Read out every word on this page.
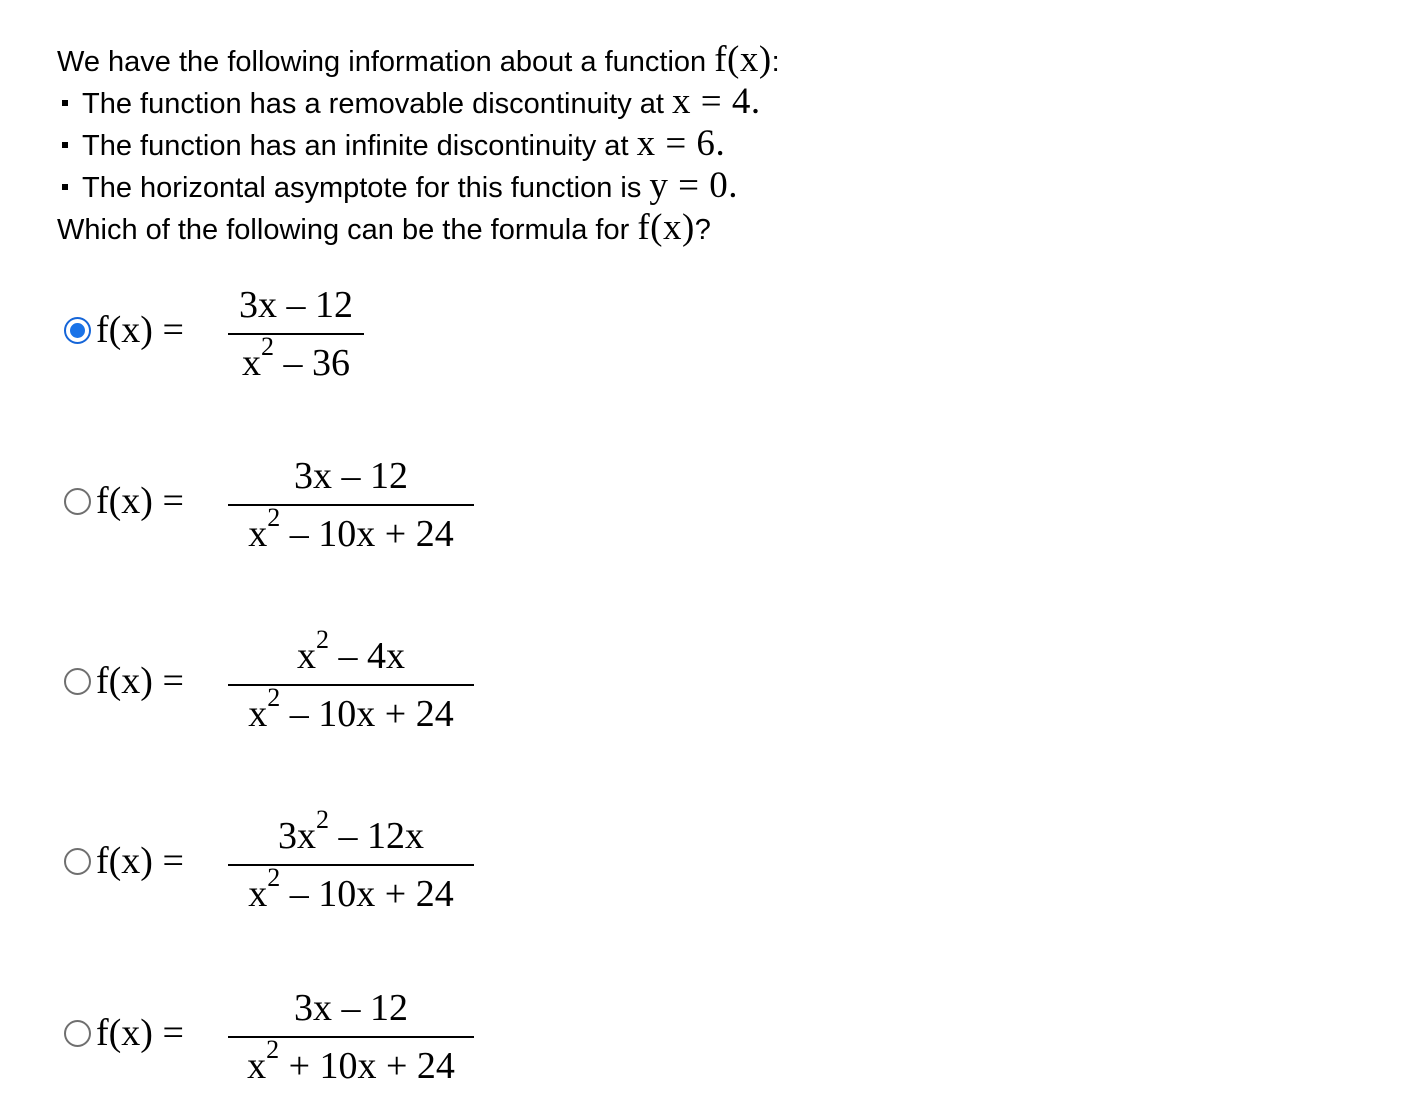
We have the following information about a function f(x):
The function has a removable discontinuity at x = 4.
The function has an infinite discontinuity at x = 6.
The horizontal asymptote for this function is y = 0.
Which of the following can be the formula for f(x)?
f(x) =
3x – 12
$x^2 - 36$
f(x) =
3x – 12
$x^2 - 10x + 24$
f(x) =
$x^2 - 4x$
$x^2 - 10x + 24$
f(x) =
$3x^2 - 12x$
$x^2 - 10x + 24$
f(x) =
3x – 12
$x^2 + 10x + 24$
